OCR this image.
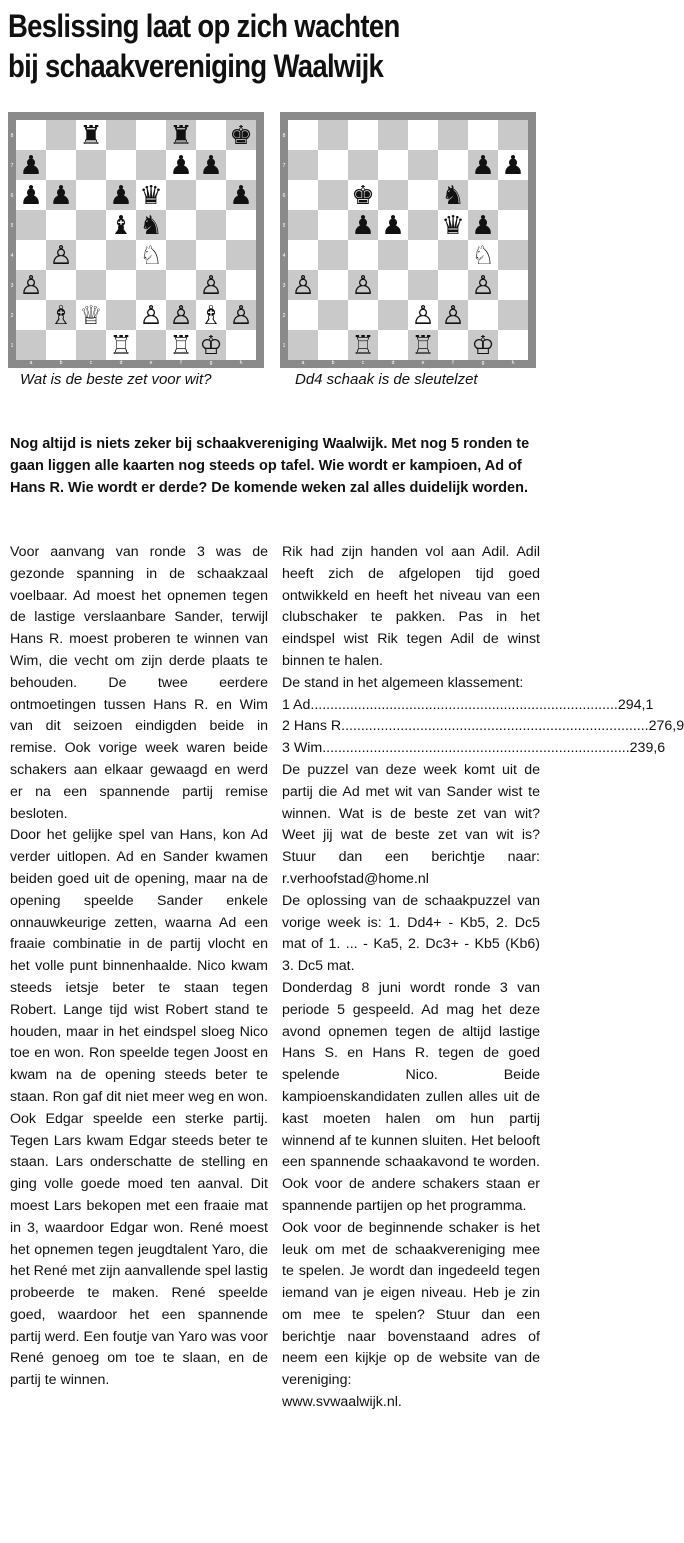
Beslissing laat op zich wachten
bij schaakvereniging Waalwijk
8
7
6
5
4
3
2
1
a	b	c	d	e	f	g	h
♜	♜ ♚
♟	♟ ♟
♟ ♟ ♟ ♛	♟
♝ ♞
♙	♘
♙	♙
♗ ♕ ♙ ♙ ♗ ♙
♖ ♖ ♔
8
7
6
5
4
3
2
1
a	b	c	d	e	f	g	h
♟ ♟
♚	♞
♟ ♟ ♛ ♟
♘
♙ ♙	♙
♙ ♙
♖ ♖ ♔
Wat is de beste zet voor wit?	Dd4 schaak is de sleutelzet
Nog altijd is niets zeker bij schaakvereniging Waalwijk. Met nog 5 ronden te gaan liggen alle kaarten nog steeds op tafel. Wie wordt er kampioen, Ad of Hans R. Wie wordt er derde? De komende weken zal alles duidelijk worden.

Voor aanvang van ronde 3 was de gezonde spanning in de schaakzaal voelbaar. Ad moest het opnemen tegen de lastige verslaanbare Sander, terwijl Hans R. moest proberen te winnen van Wim, die vecht om zijn derde plaats te behouden. De twee eerdere ontmoetingen tussen Hans R. en Wim van dit seizoen eindigden beide in remise. Ook vorige week waren beide schakers aan elkaar gewaagd en werd er na een spannende partij remise besloten.

Door het gelijke spel van Hans, kon Ad verder uitlopen. Ad en Sander kwamen beiden goed uit de opening, maar na de opening speelde Sander enkele onnauwkeurige zetten, waarna Ad een fraaie combinatie in de partij vlocht en het volle punt binnenhaalde. Nico kwam steeds ietsje beter te staan tegen Robert. Lange tijd wist Robert stand te houden, maar in het eindspel sloeg Nico toe en won. Ron speelde tegen Joost en kwam na de opening steeds beter te staan. Ron gaf dit niet meer weg en won. Ook Edgar speelde een sterke partij. Tegen Lars kwam Edgar steeds beter te staan. Lars onderschatte de stelling en ging volle goede moed ten aanval. Dit moest Lars bekopen met een fraaie mat in 3, waardoor Edgar won. René moest het opnemen tegen jeugdtalent Yaro, die het René met zijn aanvallende spel lastig probeerde te maken. René speelde goed, waardoor het een spannende partij werd. Een foutje van Yaro was voor René genoeg om toe te slaan, en de partij te winnen.

Rik had zijn handen vol aan Adil. Adil heeft zich de afgelopen tijd goed ontwikkeld en heeft het niveau van een clubschaker te pakken. Pas in het eindspel wist Rik tegen Adil de winst binnen te halen.

De stand in het algemeen klassement:

1 Ad .............................................................................. 294,1
2 Hans R .............................................................................. 276,9
3 Wim .............................................................................. 239,6

De puzzel van deze week komt uit de partij die Ad met wit van Sander wist te winnen. Wat is de beste zet van wit? Weet jij wat de beste zet van wit is? Stuur dan een berichtje naar: r.verhoofstad@home.nl

De oplossing van de schaakpuzzel van vorige week is: 1. Dd4+ - Kb5, 2. Dc5 mat of 1. ... - Ka5, 2. Dc3+ - Kb5 (Kb6) 3. Dc5 mat.

Donderdag 8 juni wordt ronde 3 van periode 5 gespeeld. Ad mag het deze avond opnemen tegen de altijd lastige Hans S. en Hans R. tegen de goed spelende Nico. Beide kampioenskandidaten zullen alles uit de kast moeten halen om hun partij winnend af te kunnen sluiten. Het belooft een spannende schaakavond te worden. Ook voor de andere schakers staan er spannende partijen op het programma.

Ook voor de beginnende schaker is het leuk om met de schaakvereniging mee te spelen. Je wordt dan ingedeeld tegen iemand van je eigen niveau. Heb je zin om mee te spelen? Stuur dan een berichtje naar bovenstaand adres of neem een kijkje op de website van de vereniging:

www.svwaalwijk.nl.
